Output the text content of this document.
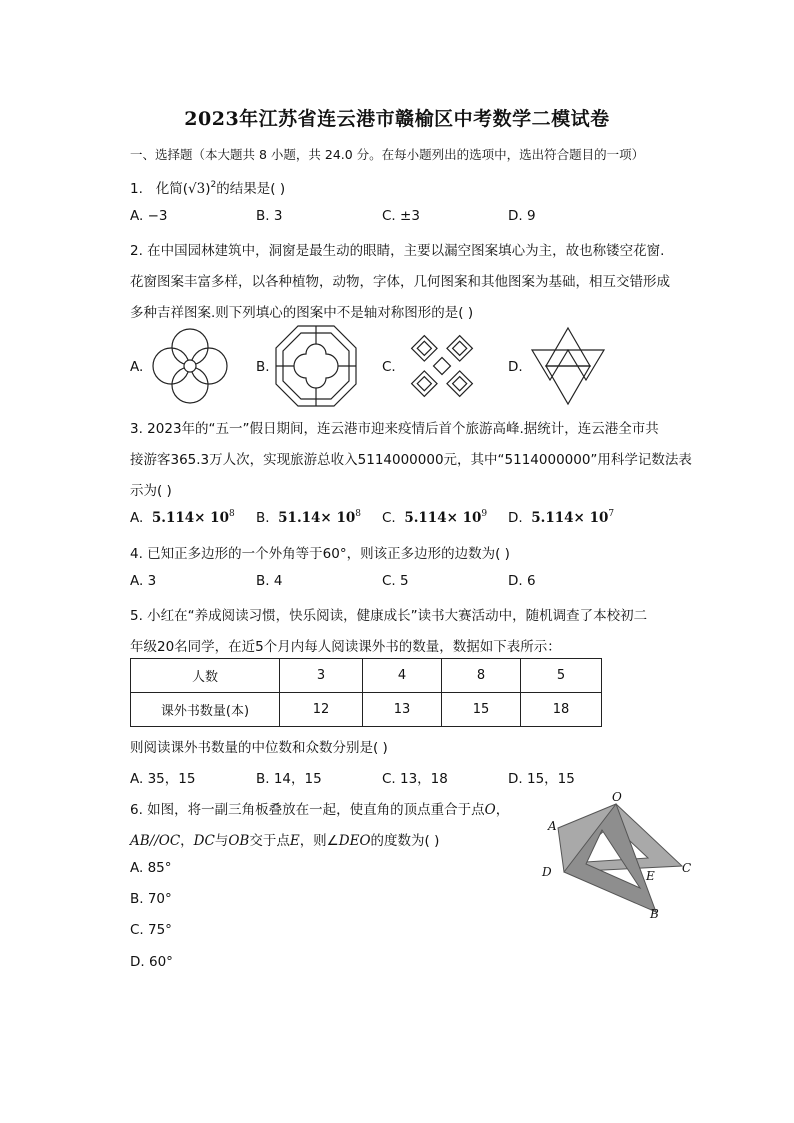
2023年江苏省连云港市赣榆区中考数学二模试卷
一、选择题（本大题共 8 小题，共 24.0 分。在每小题列出的选项中，选出符合题目的一项）
1. 化简$(√3)^2$的结果是( )
A. −3	B. 3	C. ±3	D. 9
2. 在中国园林建筑中，洞窗是最生动的眼睛，主要以漏空图案填心为主，故也称镂空花窗.
花窗图案丰富多样，以各种植物，动物，字体，几何图案和其他图案为基础，相互交错形成
多种吉祥图案.则下列填心的图案中不是轴对称图形的是( )
A.	B.	C.	D.
3. 2023年的“五一”假日期间，连云港市迎来疫情后首个旅游高峰.据统计，连云港全市共
接游客365.3万人次，实现旅游总收入5114000000元，其中“5114000000”用科学记数法表
示为( )
A. $5.114\times 10^8$ B. $51.14\times 10^8$ C. $5.114\times 10^9$ D. $5.114\times 10^7$
4. 已知正多边形的一个外角等于60°，则该正多边形的边数为( )
A. 3	B. 4	C. 5	D. 6
5. 小红在“养成阅读习惯，快乐阅读，健康成长”读书大赛活动中，随机调查了本校初二
年级20名同学，在近5个月内每人阅读课外书的数量，数据如下表所示：
人数	3	4	8	5
课外书数量(本)	12	13	15	18
则阅读课外书数量的中位数和众数分别是( )
A. 35，15	B. 14，15	C. 13，18	D. 15，15
6. 如图，将一副三角板叠放在一起，使直角的顶点重合于点O，
AB//OC，DC与OB交于点E，则∠DEO的度数为( )
A. 85°
B. 70°
C. 75°
D. 60°
O
A
D	E
C
B
